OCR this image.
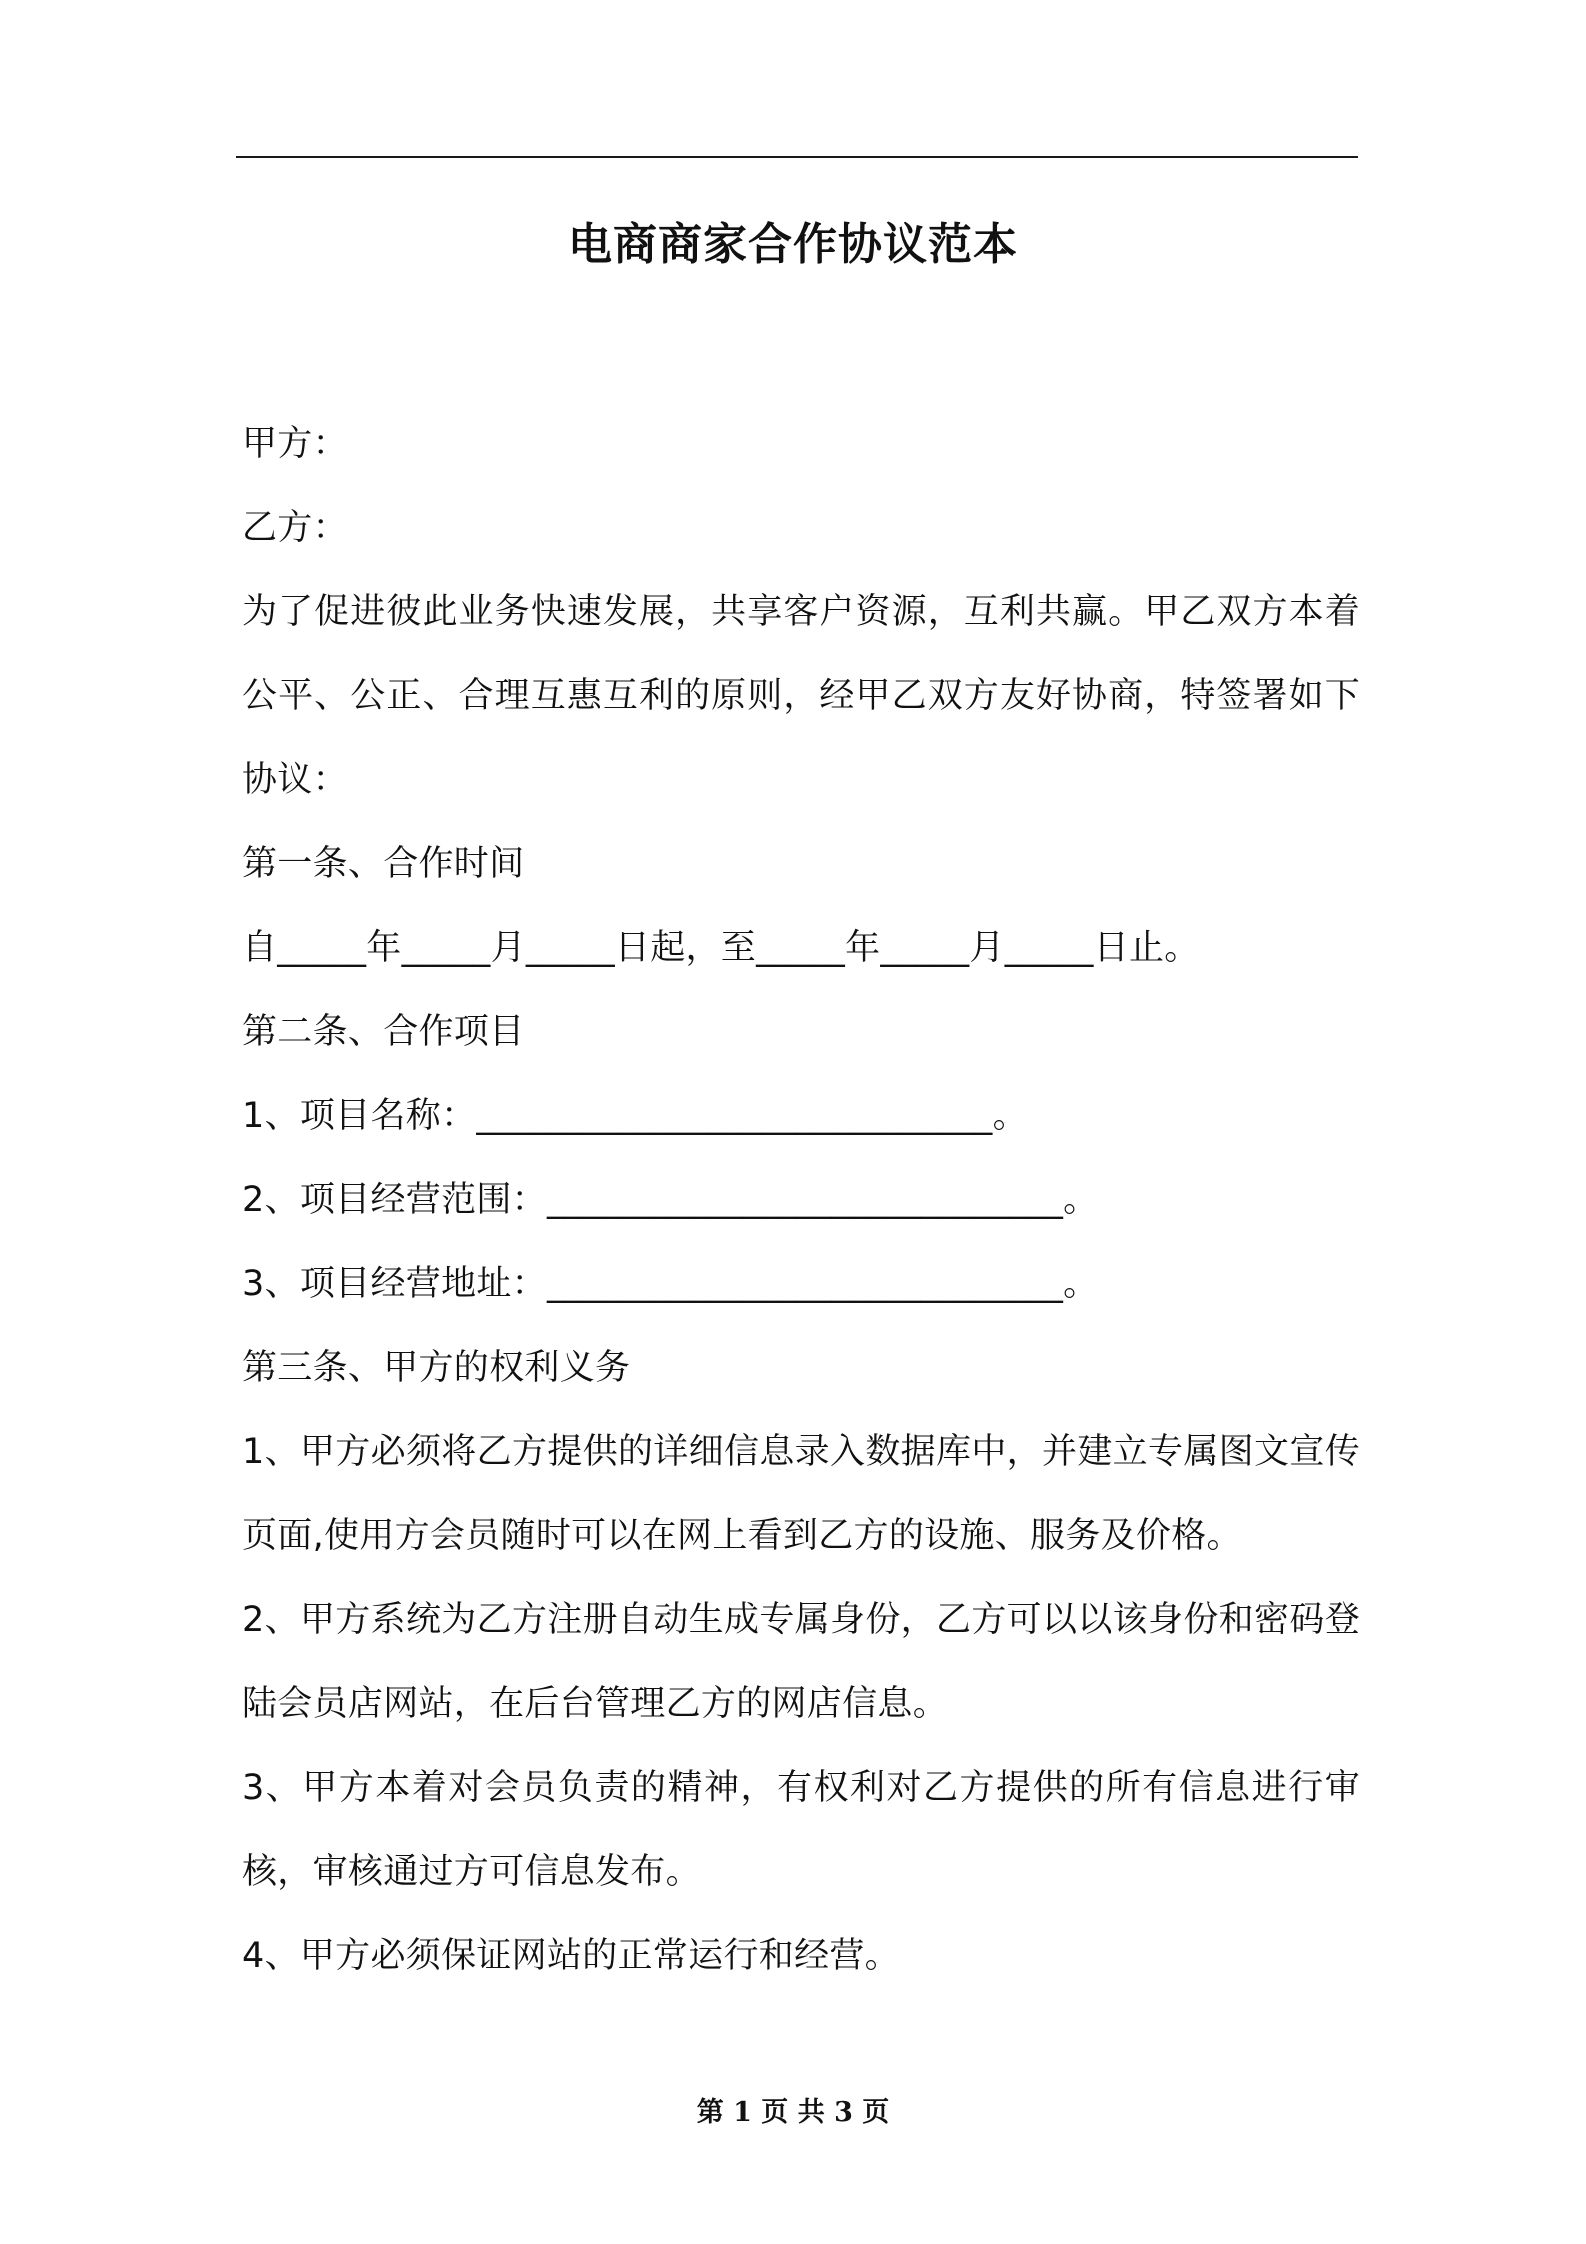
电商商家合作协议范本

甲方：

乙方：

为了促进彼此业务快速发展，共享客户资源，互利共赢。甲乙双方本着公平、公正、合理互惠互利的原则，经甲乙双方友好协商，特签署如下协议：

第一条、合作时间

自_____年_____月_____日起，至_____年_____月_____日止。

第二条、合作项目

1、项目名称：_____________________________。

2、项目经营范围：_____________________________。

3、项目经营地址：_____________________________。

第三条、甲方的权利义务

1、甲方必须将乙方提供的详细信息录入数据库中，并建立专属图文宣传页面,使用方会员随时可以在网上看到乙方的设施、服务及价格。

2、甲方系统为乙方注册自动生成专属身份，乙方可以以该身份和密码登陆会员店网站，在后台管理乙方的网店信息。

3、甲方本着对会员负责的精神，有权利对乙方提供的所有信息进行审核，审核通过方可信息发布。

4、甲方必须保证网站的正常运行和经营。

第 1 页 共 3 页
